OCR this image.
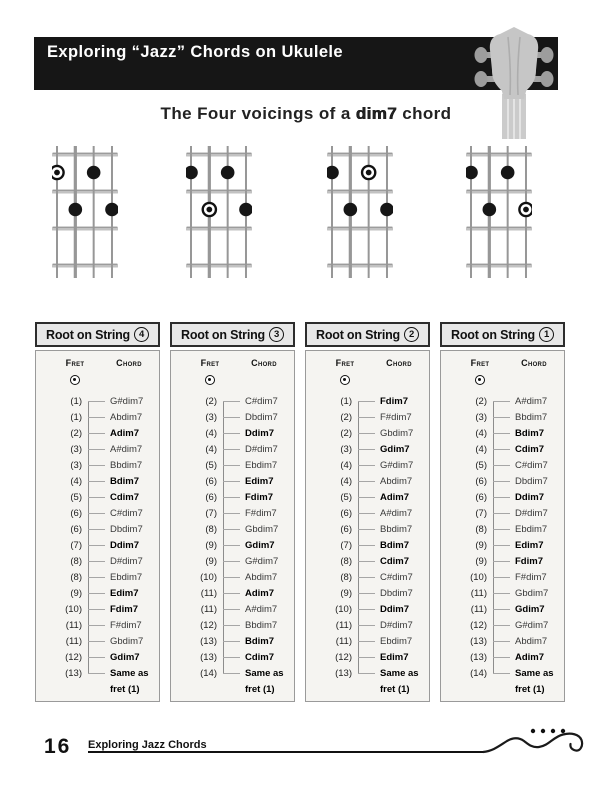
Exploring “Jazz” Chords on Ukulele
The Four voicings of a dim7 chord
Root on String 4
Fret	Chord
(1)	G#dim7
(1)	Abdim7
(2)	Adim7
(3)	A#dim7
(3)	Bbdim7
(4)	Bdim7
(5)	Cdim7
(6)	C#dim7
(6)	Dbdim7
(7)	Ddim7
(8)	D#dim7
(8)	Ebdim7
(9)	Edim7
(10)	Fdim7
(11)	F#dim7
(11)	Gbdim7
(12)	Gdim7
(13)	Same as
fret (1)
Root on String 3
Fret	Chord
(2)	C#dim7
(3)	Dbdim7
(4)	Ddim7
(4)	D#dim7
(5)	Ebdim7
(6)	Edim7
(6)	Fdim7
(7)	F#dim7
(8)	Gbdim7
(9)	Gdim7
(9)	G#dim7
(10)	Abdim7
(11)	Adim7
(11)	A#dim7
(12)	Bbdim7
(13)	Bdim7
(13)	Cdim7
(14)	Same as
fret (1)
Root on String 2
Fret	Chord
(1)	Fdim7
(2)	F#dim7
(2)	Gbdim7
(3)	Gdim7
(4)	G#dim7
(4)	Abdim7
(5)	Adim7
(6)	A#dim7
(6)	Bbdim7
(7)	Bdim7
(8)	Cdim7
(8)	C#dim7
(9)	Dbdim7
(10)	Ddim7
(11)	D#dim7
(11)	Ebdim7
(12)	Edim7
(13)	Same as
fret (1)
Root on String 1
Fret	Chord
(2)	A#dim7
(3)	Bbdim7
(4)	Bdim7
(4)	Cdim7
(5)	C#dim7
(6)	Dbdim7
(6)	Ddim7
(7)	D#dim7
(8)	Ebdim7
(9)	Edim7
(9)	Fdim7
(10)	F#dim7
(11)	Gbdim7
(11)	Gdim7
(12)	G#dim7
(13)	Abdim7
(13)	Adim7
(14)	Same as
fret (1)
16 Exploring Jazz Chords
